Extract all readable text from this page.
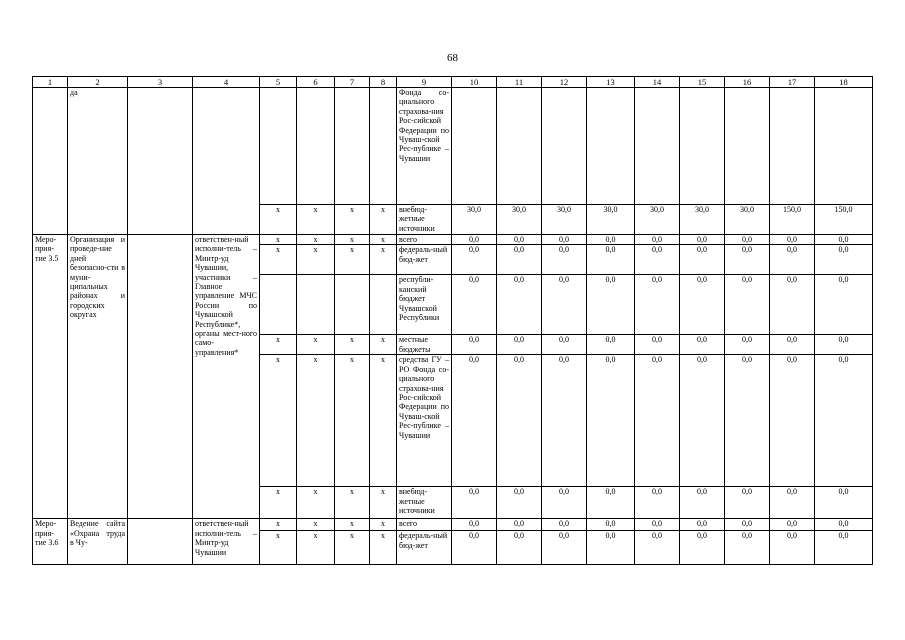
68
1	2	3	4	5	6	7	8	9	10	11	12	13	14	15	16	17	18
	да							Фонда со-циального страхова-ния Рос-сийской Федерации по Чуваш-ской Рес-публике – Чувашии									
				х	х	х	х	внебюд-жетные источники	30,0	30,0	30,0	30,0	30,0	30,0	30,0	150,0	150,0
Меро-прия-тие 3.5	Организация и проведе-ние дней безопасно-сти в муни-ципальных районах и городских округах		ответствен-ный исполни-тель – Минтр-уд Чувашии, участники – Главное управление МЧС России по Чувашской Республике*, органы мест-ного само-управления*	х	х	х	х	всего	0,0	0,0	0,0	0,0	0,0	0,0	0,0	0,0	0,0
				х	х	х	х	федераль-ный бюд-жет	0,0	0,0	0,0	0,0	0,0	0,0	0,0	0,0	0,0
								республи-канский бюджет Чувашской Республики	0,0	0,0	0,0	0,0	0,0	0,0	0,0	0,0	0,0
				х	х	х	х	местные бюджеты	0,0	0,0	0,0	0,0	0,0	0,0	0,0	0,0	0,0
				х	х	х	х	средства ГУ – РО Фонда со-циального страхова-ния Рос-сийской Федерации по Чуваш-ской Рес-публике – Чувашии	0,0	0,0	0,0	0,0	0,0	0,0	0,0	0,0	0,0
				х	х	х	х	внебюд-жетные источники	0,0	0,0	0,0	0,0	0,0	0,0	0,0	0,0	0,0
Меро-прия-тие 3.6	Ведение сайта «Охрана труда в Чу-		ответствен-ный исполни-тель – Минтр-уд Чувашии	х	х	х	х	всего	0,0	0,0	0,0	0,0	0,0	0,0	0,0	0,0	0,0
				х	х	х	х	федераль-ный бюд-жет	0,0	0,0	0,0	0,0	0,0	0,0	0,0	0,0	0,0
